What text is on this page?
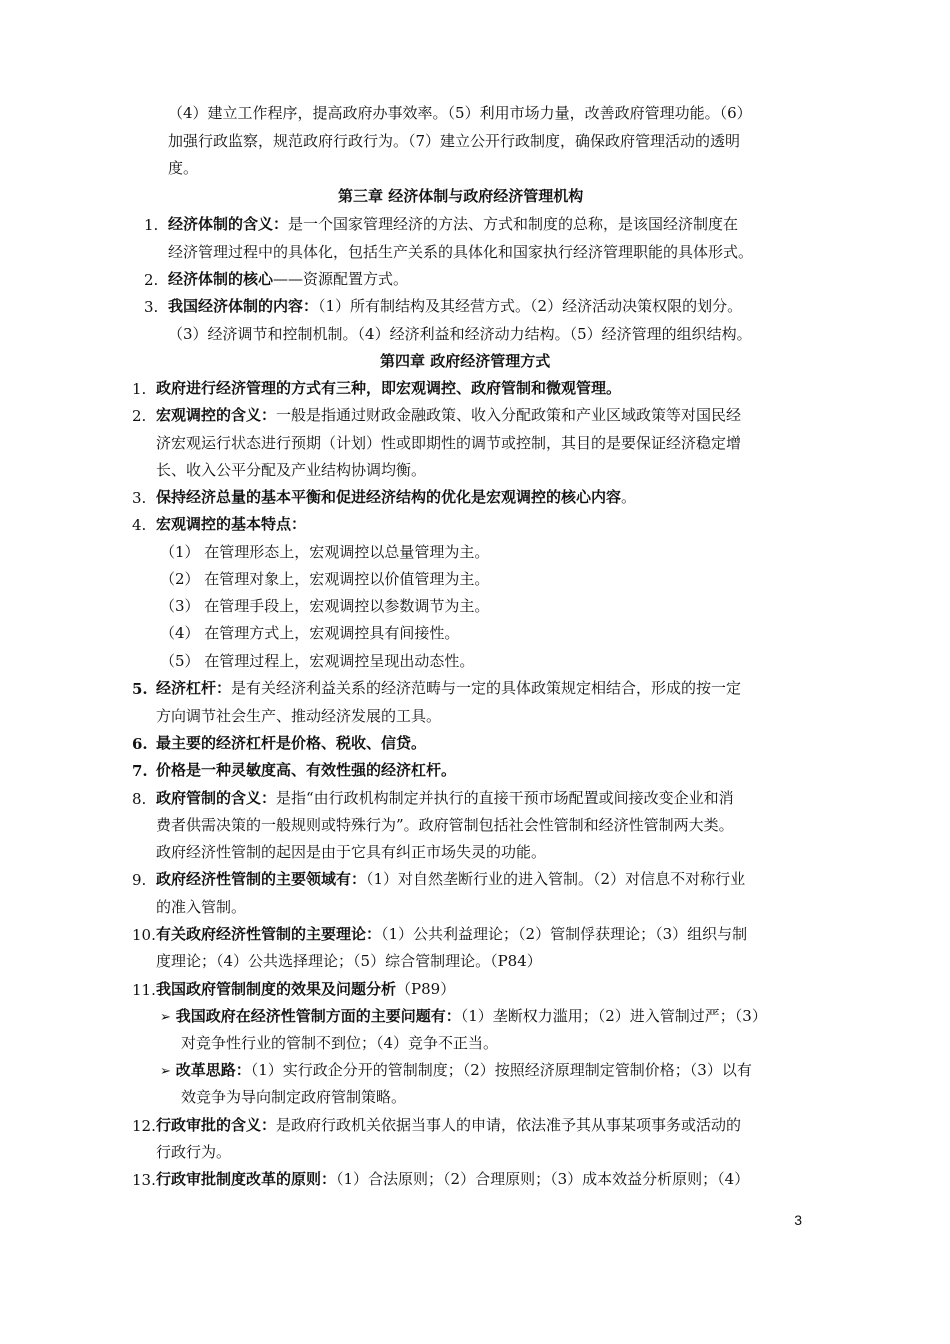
（4）建立工作程序，提高政府办事效率。（5）利用市场力量，改善政府管理功能。（6）
加强行政监察，规范政府行政行为。（7）建立公开行政制度，确保政府管理活动的透明
度。
第三章 经济体制与政府经济管理机构
1. 经济体制的含义：是一个国家管理经济的方法、方式和制度的总称，是该国经济制度在
经济管理过程中的具体化，包括生产关系的具体化和国家执行经济管理职能的具体形式。
2. 经济体制的核心——资源配置方式。
3. 我国经济体制的内容：（1）所有制结构及其经营方式。（2）经济活动决策权限的划分。
（3）经济调节和控制机制。（4）经济利益和经济动力结构。（5）经济管理的组织结构。
第四章 政府经济管理方式
1. 政府进行经济管理的方式有三种，即宏观调控、政府管制和微观管理。
2. 宏观调控的含义：一般是指通过财政金融政策、收入分配政策和产业区域政策等对国民经
济宏观运行状态进行预期（计划）性或即期性的调节或控制，其目的是要保证经济稳定增
长、收入公平分配及产业结构协调均衡。
3. 保持经济总量的基本平衡和促进经济结构的优化是宏观调控的核心内容。
4. 宏观调控的基本特点：
（1） 在管理形态上，宏观调控以总量管理为主。
（2） 在管理对象上，宏观调控以价值管理为主。
（3） 在管理手段上，宏观调控以参数调节为主。
（4） 在管理方式上，宏观调控具有间接性。
（5） 在管理过程上，宏观调控呈现出动态性。
5. 经济杠杆：是有关经济利益关系的经济范畴与一定的具体政策规定相结合，形成的按一定
方向调节社会生产、推动经济发展的工具。
6. 最主要的经济杠杆是价格、税收、信贷。
7. 价格是一种灵敏度高、有效性强的经济杠杆。
8. 政府管制的含义：是指“由行政机构制定并执行的直接干预市场配置或间接改变企业和消
费者供需决策的一般规则或特殊行为”。政府管制包括社会性管制和经济性管制两大类。
政府经济性管制的起因是由于它具有纠正市场失灵的功能。
9. 政府经济性管制的主要领域有：（1）对自然垄断行业的进入管制。（2）对信息不对称行业
的准入管制。
10. 有关政府经济性管制的主要理论：（1）公共利益理论；（2）管制俘获理论；（3）组织与制
度理论；（4）公共选择理论；（5）综合管制理论。（P84）
11. 我国政府管制制度的效果及问题分析（P89）
➢ 我国政府在经济性管制方面的主要问题有：（1）垄断权力滥用；（2）进入管制过严；（3）
对竞争性行业的管制不到位；（4）竞争不正当。
➢ 改革思路：（1）实行政企分开的管制制度；（2）按照经济原理制定管制价格；（3）以有
效竞争为导向制定政府管制策略。
12. 行政审批的含义：是政府行政机关依据当事人的申请，依法准予其从事某项事务或活动的
行政行为。
13. 行政审批制度改革的原则：（1）合法原则；（2）合理原则；（3）成本效益分析原则；（4）
3
